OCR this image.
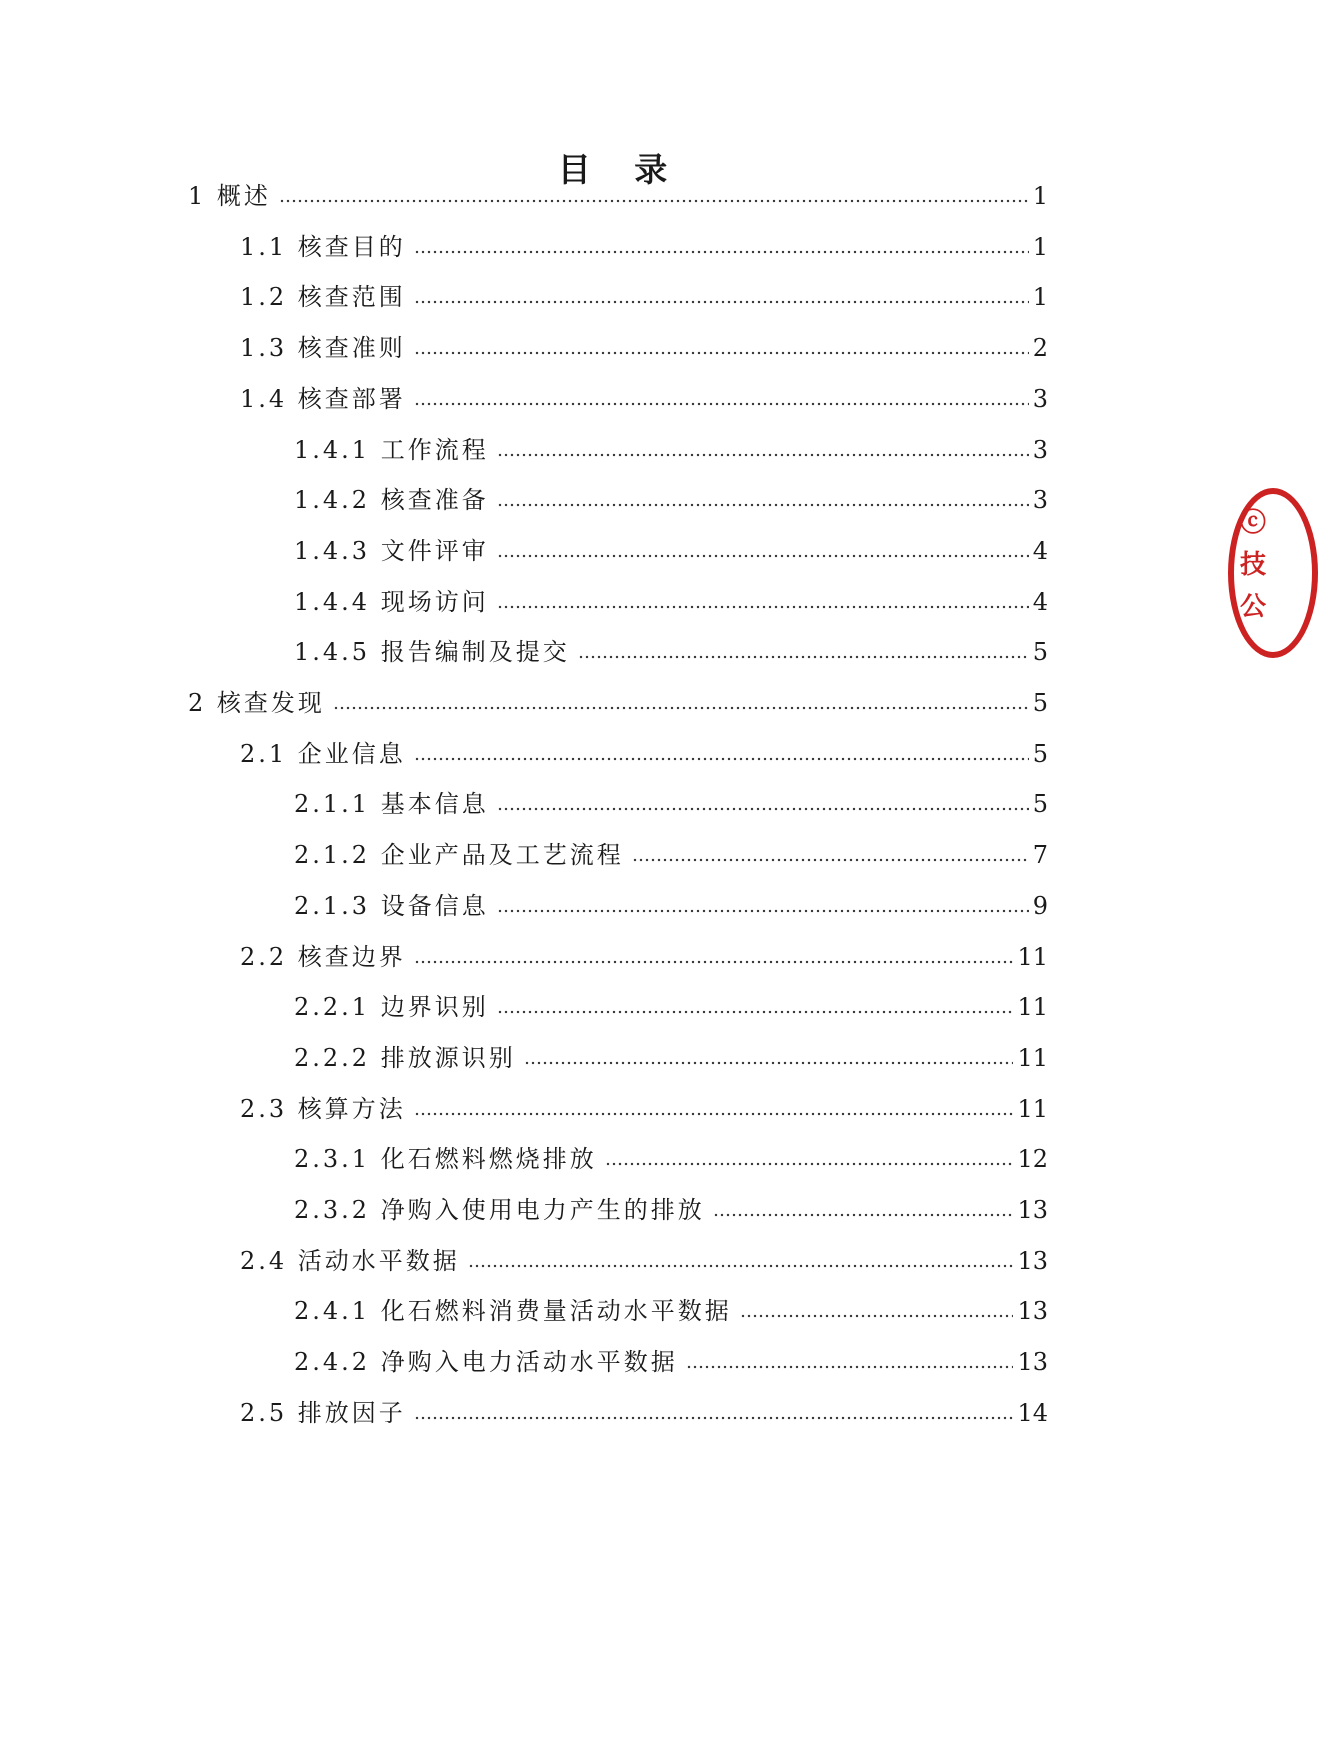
目 录
1 概述	1
1.1 核查目的	1
1.2 核查范围	1
1.3 核查准则	2
1.4 核查部署	3
1.4.1 工作流程	3
1.4.2 核查准备	3
1.4.3 文件评审	4
1.4.4 现场访问	4
1.4.5 报告编制及提交	5
2 核查发现	5
2.1 企业信息	5
2.1.1 基本信息	5
2.1.2 企业产品及工艺流程	7
2.1.3 设备信息	9
2.2 核查边界	11
2.2.1 边界识别	11
2.2.2 排放源识别	11
2.3 核算方法	11
2.3.1 化石燃料燃烧排放	12
2.3.2 净购入使用电力产生的排放	13
2.4 活动水平数据	13
2.4.1 化石燃料消费量活动水平数据	13
2.4.2 净购入电力活动水平数据	13
2.5 排放因子	14
ⓒ
技
公
